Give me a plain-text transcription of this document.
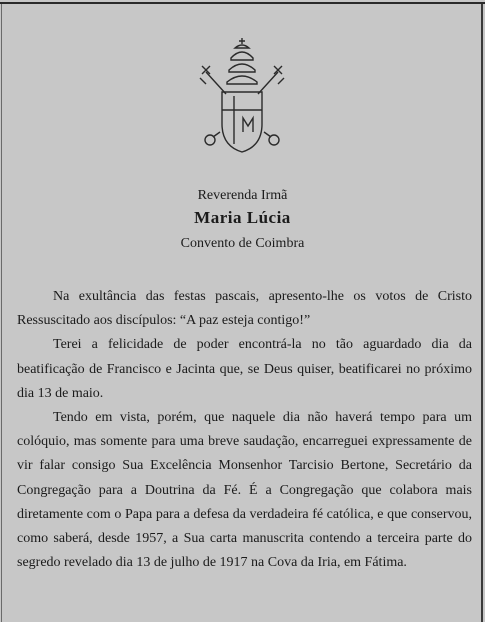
Reverenda Irmã
Maria Lúcia
Convento de Coimbra

Na exultância das festas pascais, apresento-lhe os votos de Cristo Ressuscitado aos discípulos: “A paz esteja contigo!”

Terei a felicidade de poder encontrá-la no tão aguardado dia da beatificação de Francisco e Jacinta que, se Deus quiser, beatificarei no próximo dia 13 de maio.

Tendo em vista, porém, que naquele dia não haverá tempo para um colóquio, mas somente para uma breve saudação, encarreguei expressamente de vir falar consigo Sua Excelência Monsenhor Tarcisio Bertone, Secretário da Congregação para a Doutrina da Fé. É a Congregação que colabora mais diretamente com o Papa para a defesa da verdadeira fé católica, e que conservou, como saberá, desde 1957, a Sua carta manuscrita contendo a terceira parte do segredo revelado dia 13 de julho de 1917 na Cova da Iria, em Fátima.
